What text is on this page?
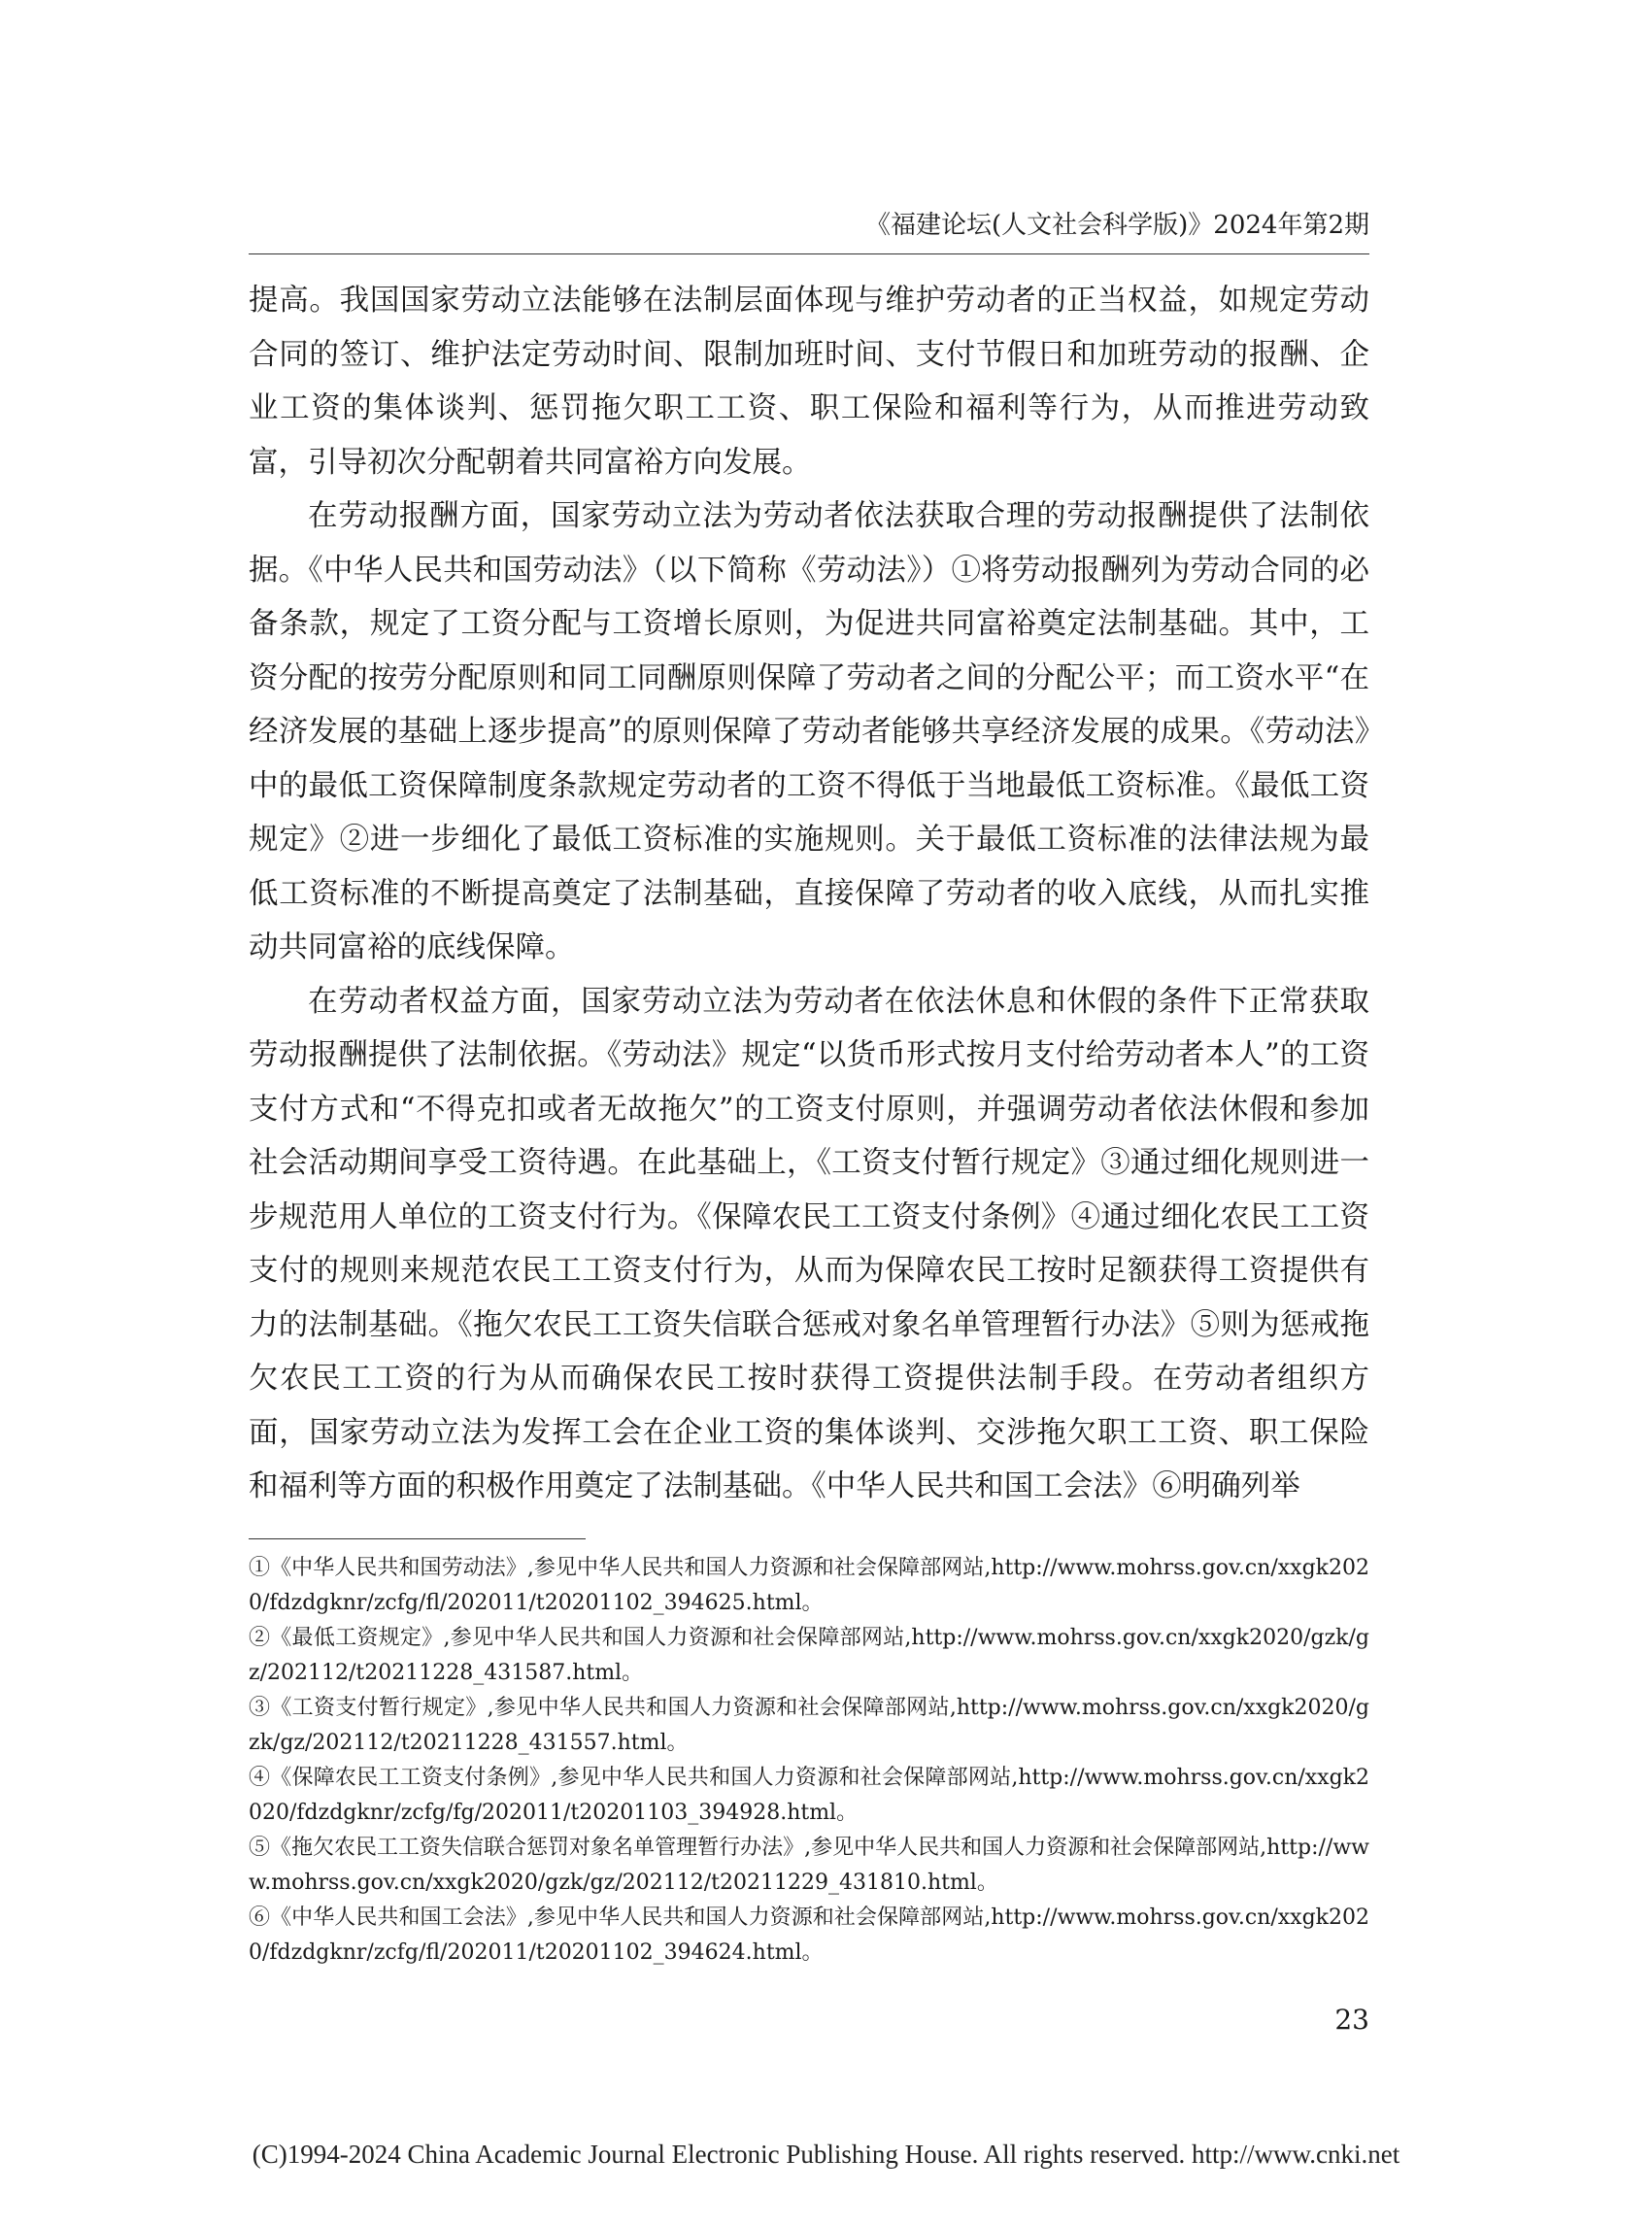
《福建论坛(人文社会科学版)》2024年第2期

提高。我国国家劳动立法能够在法制层面体现与维护劳动者的正当权益，如规定劳动合同的签订、维护法定劳动时间、限制加班时间、支付节假日和加班劳动的报酬、企业工资的集体谈判、惩罚拖欠职工工资、职工保险和福利等行为，从而推进劳动致富，引导初次分配朝着共同富裕方向发展。

在劳动报酬方面，国家劳动立法为劳动者依法获取合理的劳动报酬提供了法制依据。《中华人民共和国劳动法》（以下简称《劳动法》）①将劳动报酬列为劳动合同的必备条款，规定了工资分配与工资增长原则，为促进共同富裕奠定法制基础。其中，工资分配的按劳分配原则和同工同酬原则保障了劳动者之间的分配公平；而工资水平“在经济发展的基础上逐步提高”的原则保障了劳动者能够共享经济发展的成果。《劳动法》中的最低工资保障制度条款规定劳动者的工资不得低于当地最低工资标准。《最低工资规定》②进一步细化了最低工资标准的实施规则。关于最低工资标准的法律法规为最低工资标准的不断提高奠定了法制基础，直接保障了劳动者的收入底线，从而扎实推动共同富裕的底线保障。

在劳动者权益方面，国家劳动立法为劳动者在依法休息和休假的条件下正常获取劳动报酬提供了法制依据。《劳动法》规定“以货币形式按月支付给劳动者本人”的工资支付方式和“不得克扣或者无故拖欠”的工资支付原则，并强调劳动者依法休假和参加社会活动期间享受工资待遇。在此基础上，《工资支付暂行规定》③通过细化规则进一步规范用人单位的工资支付行为。《保障农民工工资支付条例》④通过细化农民工工资支付的规则来规范农民工工资支付行为，从而为保障农民工按时足额获得工资提供有力的法制基础。《拖欠农民工工资失信联合惩戒对象名单管理暂行办法》⑤则为惩戒拖欠农民工工资的行为从而确保农民工按时获得工资提供法制手段。在劳动者组织方面，国家劳动立法为发挥工会在企业工资的集体谈判、交涉拖欠职工工资、职工保险和福利等方面的积极作用奠定了法制基础。《中华人民共和国工会法》⑥明确列举

①《中华人民共和国劳动法》,参见中华人民共和国人力资源和社会保障部网站,http://www.mohrss.gov.cn/xxgk2020/fdzdgknr/zcfg/fl/202011/t20201102_394625.html。

②《最低工资规定》,参见中华人民共和国人力资源和社会保障部网站,http://www.mohrss.gov.cn/xxgk2020/gzk/gz/202112/t20211228_431587.html。

③《工资支付暂行规定》,参见中华人民共和国人力资源和社会保障部网站,http://www.mohrss.gov.cn/xxgk2020/gzk/gz/202112/t20211228_431557.html。

④《保障农民工工资支付条例》,参见中华人民共和国人力资源和社会保障部网站,http://www.mohrss.gov.cn/xxgk2020/fdzdgknr/zcfg/fg/202011/t20201103_394928.html。

⑤《拖欠农民工工资失信联合惩罚对象名单管理暂行办法》,参见中华人民共和国人力资源和社会保障部网站,http://www.mohrss.gov.cn/xxgk2020/gzk/gz/202112/t20211229_431810.html。

⑥《中华人民共和国工会法》,参见中华人民共和国人力资源和社会保障部网站,http://www.mohrss.gov.cn/xxgk2020/fdzdgknr/zcfg/fl/202011/t20201102_394624.html。

23
(C)1994-2024 China Academic Journal Electronic Publishing House. All rights reserved. http://www.cnki.net
